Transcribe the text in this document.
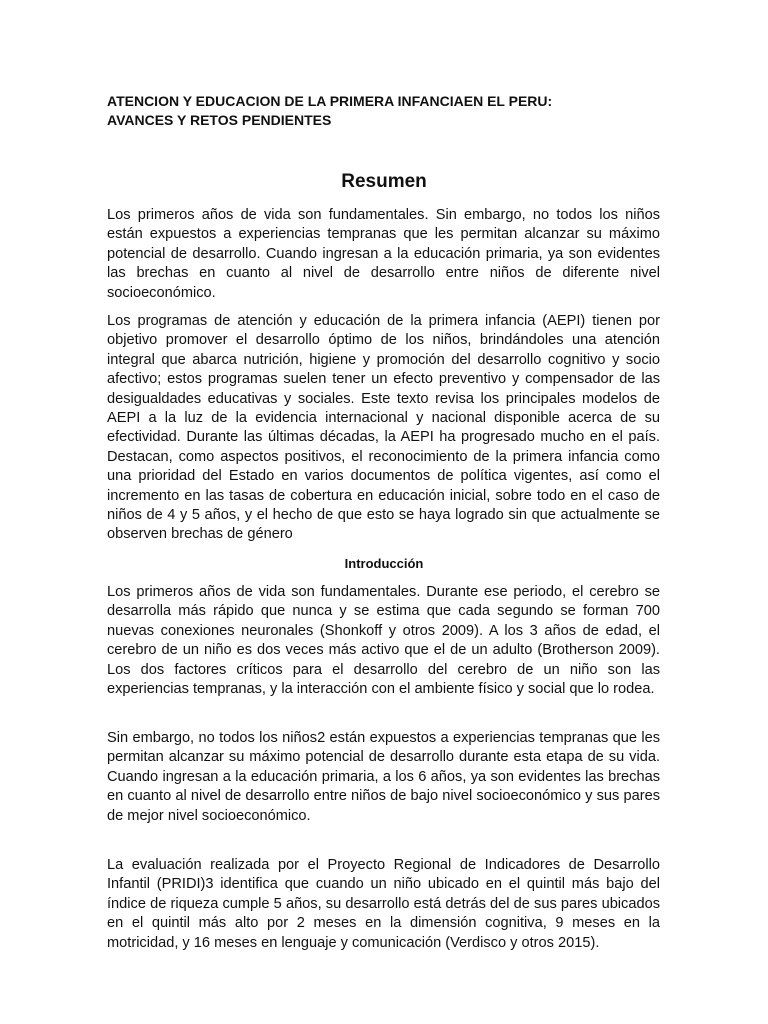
ATENCION Y EDUCACION DE LA PRIMERA INFANCIAEN EL PERU:
AVANCES Y RETOS PENDIENTES
Resumen

Los primeros años de vida son fundamentales. Sin embargo, no todos los niños están expuestos a experiencias tempranas que les permitan alcanzar su máximo potencial de desarrollo. Cuando ingresan a la educación primaria, ya son evidentes las brechas en cuanto al nivel de desarrollo entre niños de diferente nivel socioeconómico.

Los programas de atención y educación de la primera infancia (AEPI) tienen por objetivo promover el desarrollo óptimo de los niños, brindándoles una atención integral que abarca nutrición, higiene y promoción del desarrollo cognitivo y socio afectivo; estos programas suelen tener un efecto preventivo y compensador de las desigualdades educativas y sociales. Este texto revisa los principales modelos de AEPI a la luz de la evidencia internacional y nacional disponible acerca de su efectividad. Durante las últimas décadas, la AEPI ha progresado mucho en el país. Destacan, como aspectos positivos, el reconocimiento de la primera infancia como una prioridad del Estado en varios documentos de política vigentes, así como el incremento en las tasas de cobertura en educación inicial, sobre todo en el caso de niños de 4 y 5 años, y el hecho de que esto se haya logrado sin que actualmente se observen brechas de género

Introducción

Los primeros años de vida son fundamentales. Durante ese periodo, el cerebro se desarrolla más rápido que nunca y se estima que cada segundo se forman 700 nuevas conexiones neuronales (Shonkoff y otros 2009). A los 3 años de edad, el cerebro de un niño es dos veces más activo que el de un adulto (Brotherson 2009). Los dos factores críticos para el desarrollo del cerebro de un niño son las experiencias tempranas, y la interacción con el ambiente físico y social que lo rodea.

Sin embargo, no todos los niños2 están expuestos a experiencias tempranas que les permitan alcanzar su máximo potencial de desarrollo durante esta etapa de su vida. Cuando ingresan a la educación primaria, a los 6 años, ya son evidentes las brechas en cuanto al nivel de desarrollo entre niños de bajo nivel socioeconómico y sus pares de mejor nivel socioeconómico.

La evaluación realizada por el Proyecto Regional de Indicadores de Desarrollo Infantil (PRIDI)3 identifica que cuando un niño ubicado en el quintil más bajo del índice de riqueza cumple 5 años, su desarrollo está detrás del de sus pares ubicados en el quintil más alto por 2 meses en la dimensión cognitiva, 9 meses en la motricidad, y 16 meses en lenguaje y comunicación (Verdisco y otros 2015).
